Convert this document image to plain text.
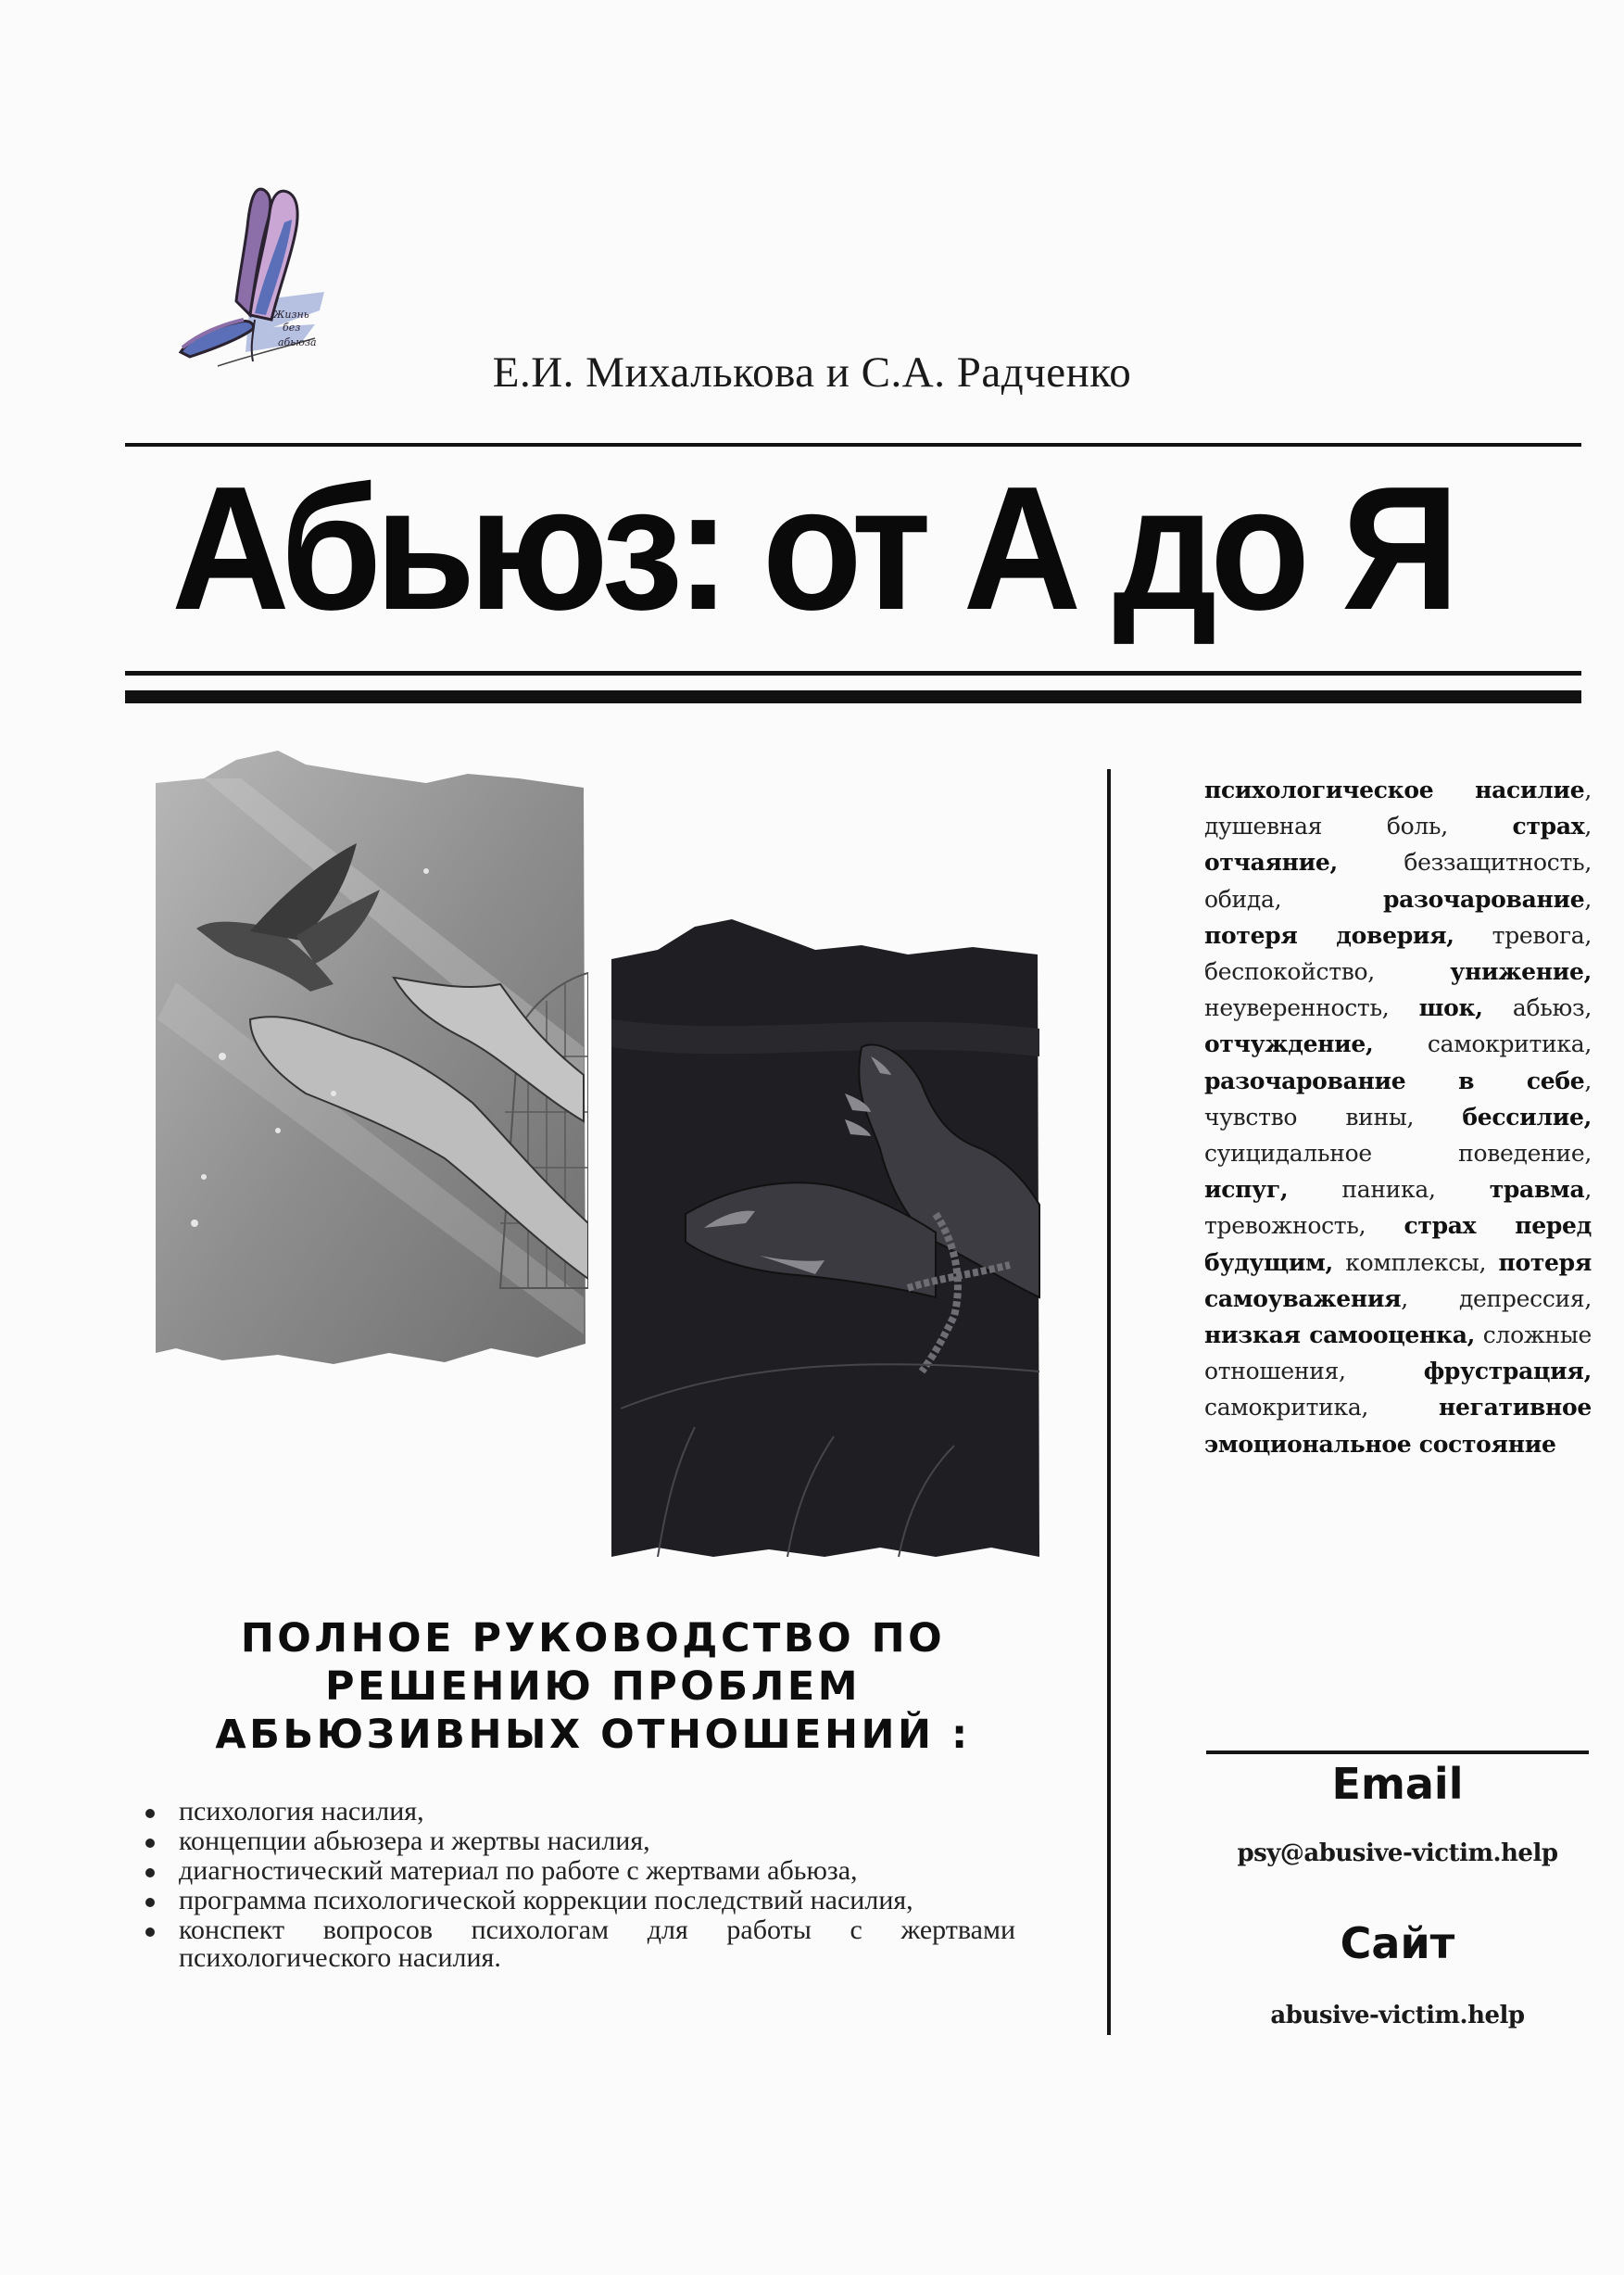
Жизнь
без
абьюза
Е.И. Михалькова и С.А. Радченко
Абьюз: от А до Я
психологическое насилие, душевная боль, страх, отчаяние, беззащитность, обида, разочарование, потеря доверия, тревога, беспокойство, унижение, неуверенность, шок, абьюз, отчуждение, самокритика, разочарование в себе, чувство вины, бессилие, суицидальное поведение, испуг, паника, травма, тревожность, страх перед будущим, комплексы, потеря самоуважения, депрессия, низкая самооценка, сложные отношения, фрустрация, самокритика, негативное эмоциональное состояние
ПОЛНОЕ РУКОВОДСТВО ПО
РЕШЕНИЮ ПРОБЛЕМ
АБЬЮЗИВНЫХ ОТНОШЕНИЙ :
психология насилия,
концепции абьюзера и жертвы насилия,
диагностический материал по работе с жертвами абьюза,
программа психологической коррекции последствий насилия,
конспект вопросов психологам для работы с жертвами психологического насилия.
Email
psy@abusive-victim.help
Сайт
abusive-victim.help
